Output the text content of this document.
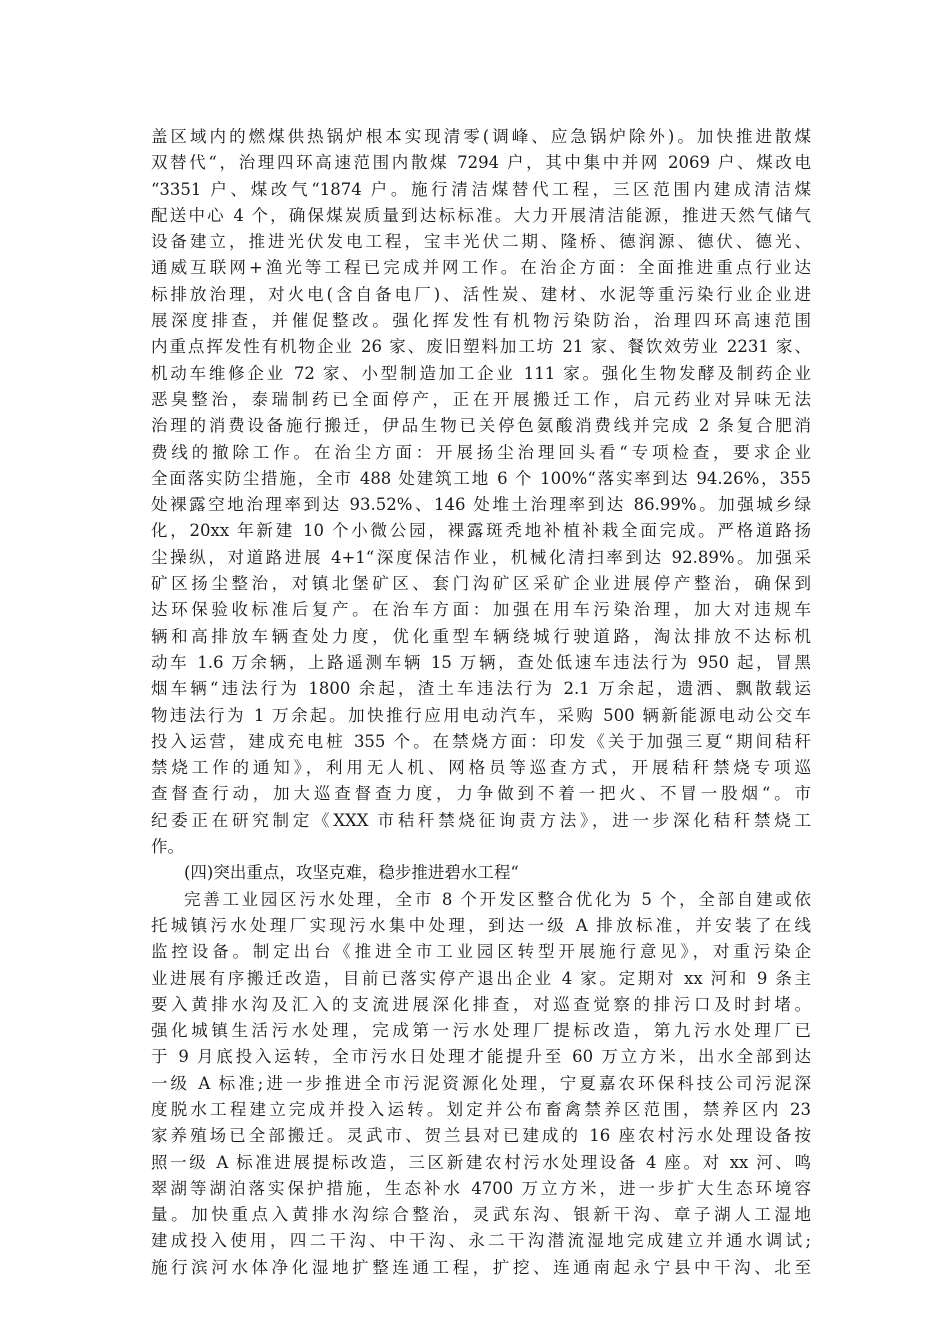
盖区域内的燃煤供热锅炉根本实现清零(调峰、应急锅炉除外)。加快推进散煤
双替代“，治理四环高速范围内散煤 7294 户，其中集中并网 2069 户、煤改电
“3351 户、煤改气“1874 户。施行清洁煤替代工程，三区范围内建成清洁煤
配送中心 4 个，确保煤炭质量到达标标准。大力开展清洁能源，推进天然气储气
设备建立，推进光伏发电工程，宝丰光伏二期、隆桥、德润源、德伏、德光、
通威互联网+渔光等工程已完成并网工作。在治企方面：全面推进重点行业达
标排放治理，对火电(含自备电厂)、活性炭、建材、水泥等重污染行业企业进
展深度排查，并催促整改。强化挥发性有机物污染防治，治理四环高速范围
内重点挥发性有机物企业 26 家、废旧塑料加工坊 21 家、餐饮效劳业 2231 家、
机动车维修企业 72 家、小型制造加工企业 111 家。强化生物发酵及制药企业
恶臭整治，泰瑞制药已全面停产，正在开展搬迁工作，启元药业对异味无法
治理的消费设备施行搬迁，伊品生物已关停色氨酸消费线并完成 2 条复合肥消
费线的撤除工作。在治尘方面：开展扬尘治理回头看“专项检查，要求企业
全面落实防尘措施，全市 488 处建筑工地 6 个 100%“落实率到达 94.26%，355
处裸露空地治理率到达 93.52%、146 处堆土治理率到达 86.99%。加强城乡绿
化，20xx 年新建 10 个小微公园，裸露斑秃地补植补栽全面完成。严格道路扬
尘操纵，对道路进展 4+1“深度保洁作业，机械化清扫率到达 92.89%。加强采
矿区扬尘整治，对镇北堡矿区、套门沟矿区采矿企业进展停产整治，确保到
达环保验收标准后复产。在治车方面：加强在用车污染治理，加大对违规车
辆和高排放车辆查处力度，优化重型车辆绕城行驶道路，淘汰排放不达标机
动车 1.6 万余辆，上路遥测车辆 15 万辆，查处低速车违法行为 950 起，冒黑
烟车辆“违法行为 1800 余起，渣土车违法行为 2.1 万余起，遗洒、飘散载运
物违法行为 1 万余起。加快推行应用电动汽车，采购 500 辆新能源电动公交车
投入运营，建成充电桩 355 个。在禁烧方面：印发《关于加强三夏“期间秸秆
禁烧工作的通知》，利用无人机、网格员等巡查方式，开展秸秆禁烧专项巡
查督查行动，加大巡查督查力度，力争做到不着一把火、不冒一股烟“。市
纪委正在研究制定《XXX 市秸秆禁烧征询责方法》，进一步深化秸秆禁烧工
作。
(四)突出重点，攻坚克难，稳步推进碧水工程“
完善工业园区污水处理，全市 8 个开发区整合优化为 5 个，全部自建或依
托城镇污水处理厂实现污水集中处理，到达一级 A 排放标准，并安装了在线
监控设备。制定出台《推进全市工业园区转型开展施行意见》，对重污染企
业进展有序搬迁改造，目前已落实停产退出企业 4 家。定期对 xx 河和 9 条主
要入黄排水沟及汇入的支流进展深化排查，对巡查觉察的排污口及时封堵。
强化城镇生活污水处理，完成第一污水处理厂提标改造，第九污水处理厂已
于 9 月底投入运转，全市污水日处理才能提升至 60 万立方米，出水全部到达
一级 A 标准;进一步推进全市污泥资源化处理，宁夏嘉农环保科技公司污泥深
度脱水工程建立完成并投入运转。划定并公布畜禽禁养区范围，禁养区内 23
家养殖场已全部搬迁。灵武市、贺兰县对已建成的 16 座农村污水处理设备按
照一级 A 标准进展提标改造，三区新建农村污水处理设备 4 座。对 xx 河、鸣
翠湖等湖泊落实保护措施，生态补水 4700 万立方米，进一步扩大生态环境容
量。加快重点入黄排水沟综合整治，灵武东沟、银新干沟、章子湖人工湿地
建成投入使用，四二干沟、中干沟、永二干沟潜流湿地完成建立并通水调试;
施行滨河水体净化湿地扩整连通工程，扩挖、连通南起永宁县中干沟、北至
